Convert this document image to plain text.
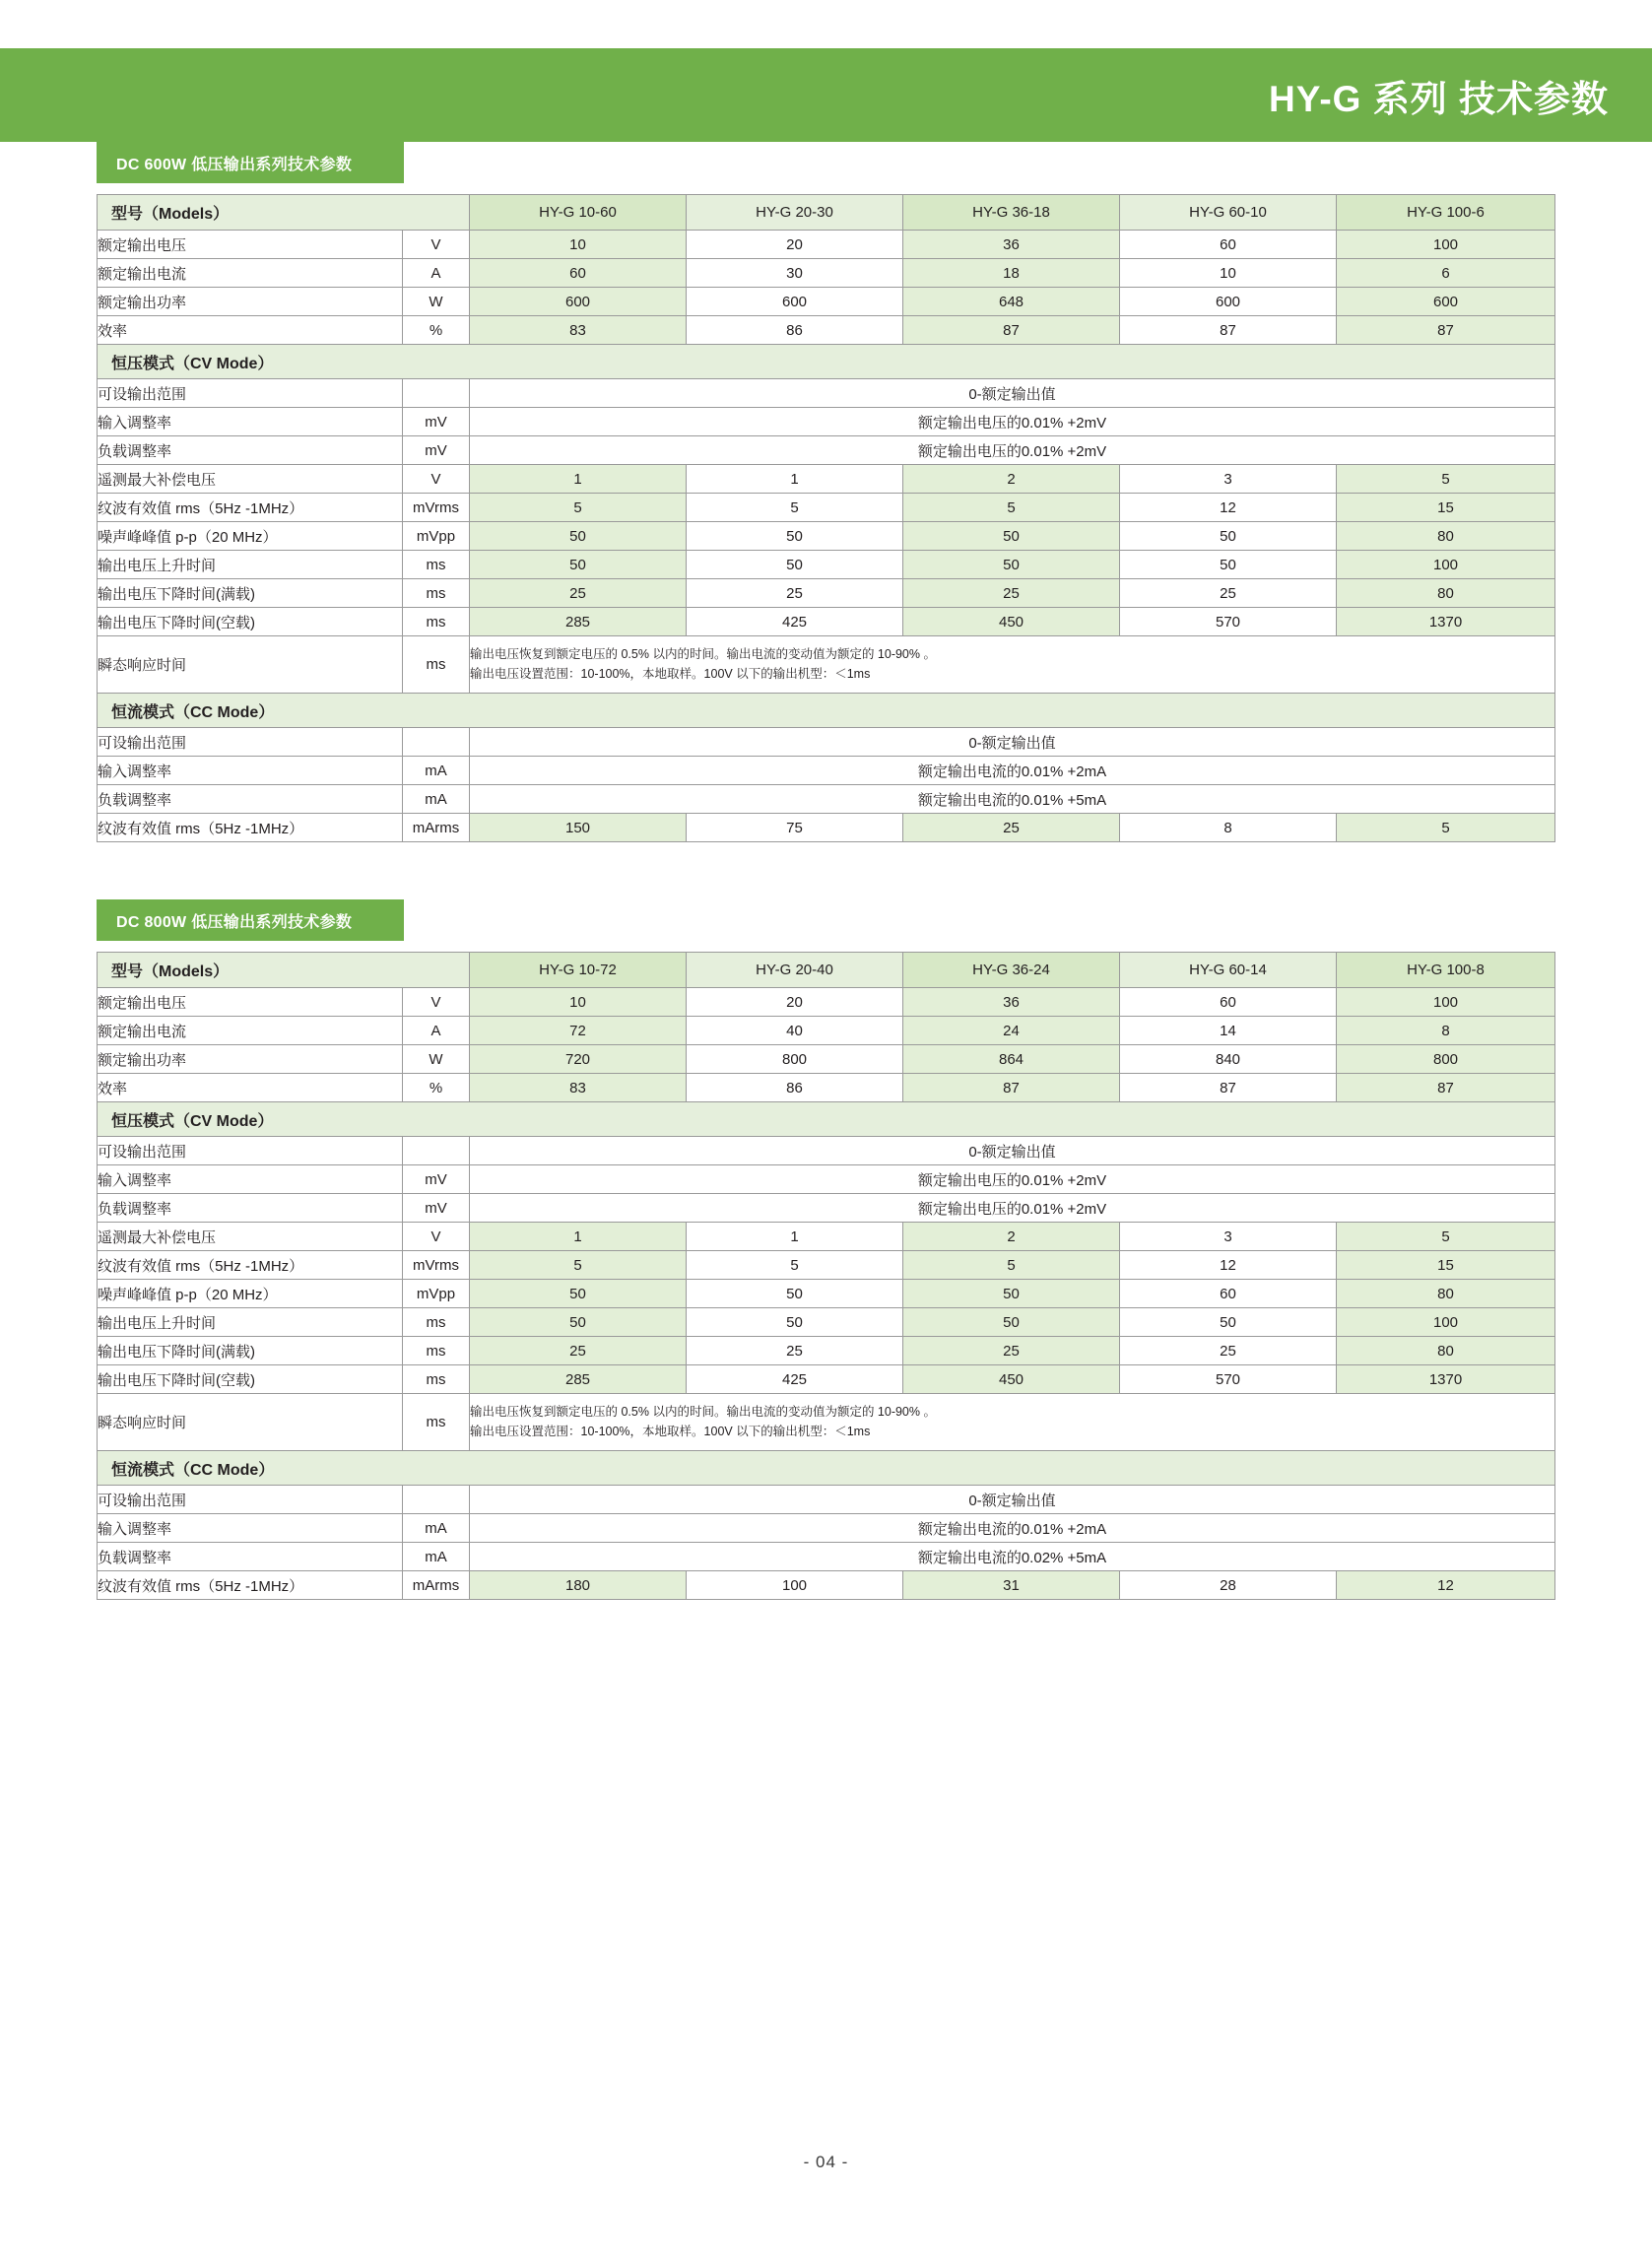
HY-G 系列 技术参数
DC 600W 低压输出系列技术参数
型号（Models）		HY-G 10-60	HY-G 20-30	HY-G 36-18	HY-G 60-10	HY-G 100-6
额定输出电压	V	10	20	36	60	100
额定输出电流	A	60	30	18	10	6
额定输出功率	W	600	600	648	600	600
效率	%	83	86	87	87	87
恒压模式（CV Mode）						
可设输出范围		0-额定输出值				
输入调整率	mV	额定输出电压的0.01% +2mV				
负载调整率	mV	额定输出电压的0.01% +2mV				
遥测最大补偿电压	V	1	1	2	3	5
纹波有效值 rms（5Hz -1MHz）	mVrms	5	5	5	12	15
噪声峰峰值 p-p（20 MHz）	mVpp	50	50	50	50	80
输出电压上升时间	ms	50	50	50	50	100
输出电压下降时间(满载)	ms	25	25	25	25	80
输出电压下降时间(空载)	ms	285	425	450	570	1370
瞬态响应时间	ms	输出电压恢复到额定电压的 0.5% 以内的时间。输出电流的变动值为额定的 10-90% 。
输出电压设置范围：10-100%，本地取样。100V 以下的输出机型：＜1ms				

恒流模式（CC Mode）						
可设输出范围		0-额定输出值				
输入调整率	mA	额定输出电流的0.01% +2mA				
负载调整率	mA	额定输出电流的0.01% +5mA				
纹波有效值 rms（5Hz -1MHz）	mArms	150	75	25	8	5
DC 800W 低压输出系列技术参数
型号（Models）		HY-G 10-72	HY-G 20-40	HY-G 36-24	HY-G 60-14	HY-G 100-8
额定输出电压	V	10	20	36	60	100
额定输出电流	A	72	40	24	14	8
额定输出功率	W	720	800	864	840	800
效率	%	83	86	87	87	87
恒压模式（CV Mode）						
可设输出范围		0-额定输出值				
输入调整率	mV	额定输出电压的0.01% +2mV				
负载调整率	mV	额定输出电压的0.01% +2mV				
遥测最大补偿电压	V	1	1	2	3	5
纹波有效值 rms（5Hz -1MHz）	mVrms	5	5	5	12	15
噪声峰峰值 p-p（20 MHz）	mVpp	50	50	50	60	80
输出电压上升时间	ms	50	50	50	50	100
输出电压下降时间(满载)	ms	25	25	25	25	80
输出电压下降时间(空载)	ms	285	425	450	570	1370
瞬态响应时间	ms	输出电压恢复到额定电压的 0.5% 以内的时间。输出电流的变动值为额定的 10-90% 。
输出电压设置范围：10-100%，本地取样。100V 以下的输出机型：＜1ms				

恒流模式（CC Mode）						
可设输出范围		0-额定输出值				
输入调整率	mA	额定输出电流的0.01% +2mA				
负载调整率	mA	额定输出电流的0.02% +5mA				
纹波有效值 rms（5Hz -1MHz）	mArms	180	100	31	28	12
- 04 -
